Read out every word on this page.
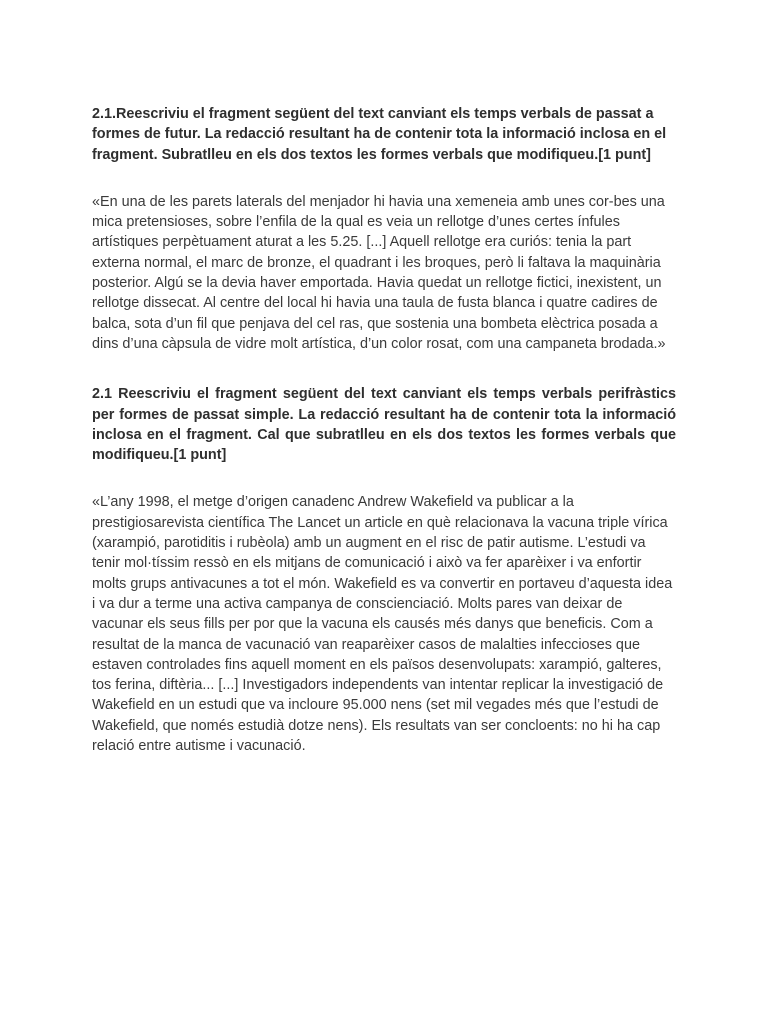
2.1.Reescriviu el fragment següent del text canviant els temps verbals de passat a formes de futur. La redacció resultant ha de contenir tota la informació inclosa en el fragment. Subratlleu en els dos textos les formes verbals que modifiqueu.[1 punt]

«En una de les parets laterals del menjador hi havia una xemeneia amb unes cor-bes una mica pretensioses, sobre l’enfila de la qual es veia un rellotge d’unes certes ínfules artístiques perpètuament aturat a les 5.25. [...] Aquell rellotge era curiós: tenia la part externa normal, el marc de bronze, el quadrant i les broques, però li faltava la maquinària posterior. Algú se la devia haver emportada. Havia quedat un rellotge fictici, inexistent, un rellotge dissecat. Al centre del local hi havia una taula de fusta blanca i quatre cadires de balca, sota d’un fil que penjava del cel ras, que sostenia una bombeta elèctrica posada a dins d’una càpsula de vidre molt artística, d’un color rosat, com una campaneta brodada.»

2.1 Reescriviu el fragment següent del text canviant els temps verbals perifràstics per formes de passat simple. La redacció resultant ha de contenir tota la informació inclosa en el fragment. Cal que subratlleu en els dos textos les formes verbals que modifiqueu.[1 punt]

«L’any 1998, el metge d’origen canadenc Andrew Wakefield va publicar a la prestigiosarevista científica The Lancet un article en què relacionava la vacuna triple vírica (xarampió, parotiditis i rubèola) amb un augment en el risc de patir autisme. L’estudi va tenir mol·tíssim ressò en els mitjans de comunicació i això va fer aparèixer i va enfortir molts grups antivacunes a tot el món. Wakefield es va convertir en portaveu d’aquesta idea i va dur a terme una activa campanya de conscienciació. Molts pares van deixar de vacunar els seus fills per por que la vacuna els causés més danys que beneficis. Com a resultat de la manca de vacunació van reaparèixer casos de malalties infeccioses que estaven controlades fins aquell moment en els països desenvolupats: xarampió, galteres, tos ferina, diftèria... [...] Investigadors independents van intentar replicar la investigació de Wakefield en un estudi que va incloure 95.000 nens (set mil vegades més que l’estudi de Wakefield, que només estudià dotze nens). Els resultats van ser concloents: no hi ha cap relació entre autisme i vacunació.
